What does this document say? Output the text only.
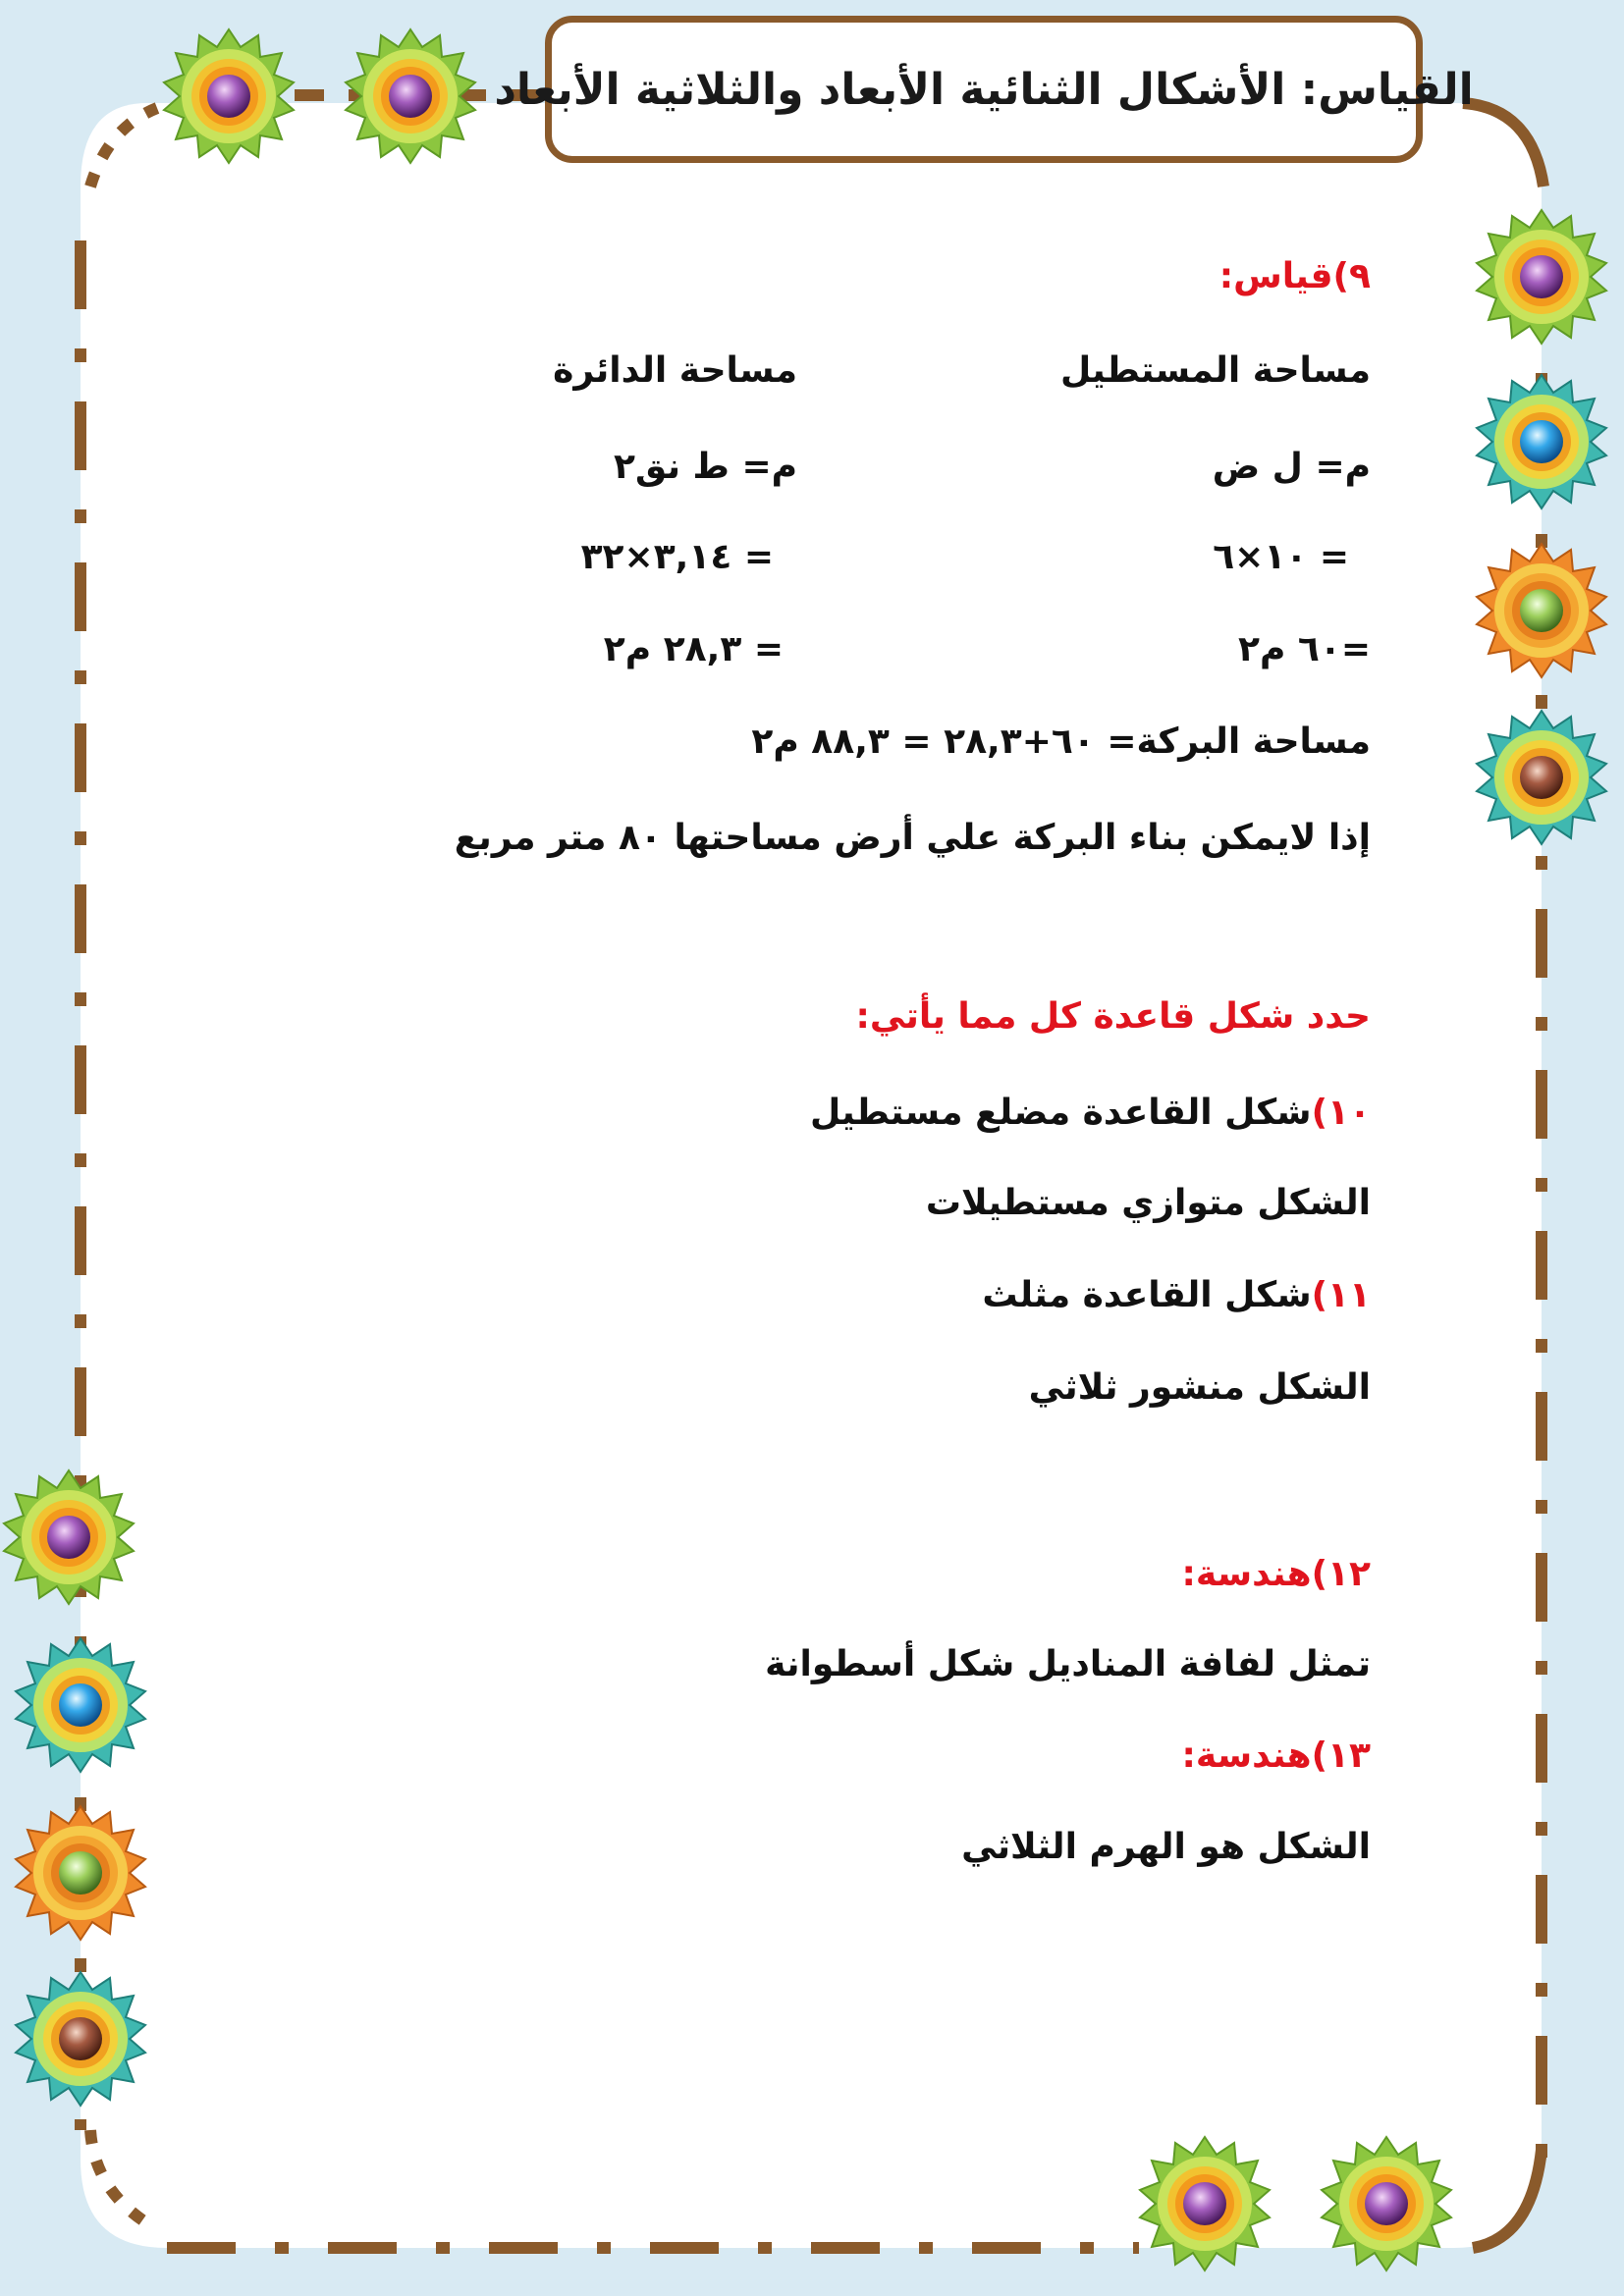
القياس: الأشكال الثنائية الأبعاد والثلاثية الأبعاد
٩)قياس:
مساحة المستطيل
مساحة الدائرة
م= ل ض
م= ط نق٢
= ١٠×٦
= ٣,١٤×٣٢
=٦٠ م٢
= ٢٨,٣ م٢
مساحة البركة= ٦٠+٢٨,٣ = ٨٨,٣ م٢
إذا لايمكن بناء البركة علي أرض مساحتها ٨٠ متر مربع
حدد شكل قاعدة كل مما يأتي:
١٠)شكل القاعدة مضلع مستطيل
الشكل متوازي مستطيلات
١١)شكل القاعدة مثلث
الشكل منشور ثلاثي
١٢)هندسة:
تمثل لفافة المناديل شكل أسطوانة
١٣)هندسة:
الشكل هو الهرم الثلاثي
